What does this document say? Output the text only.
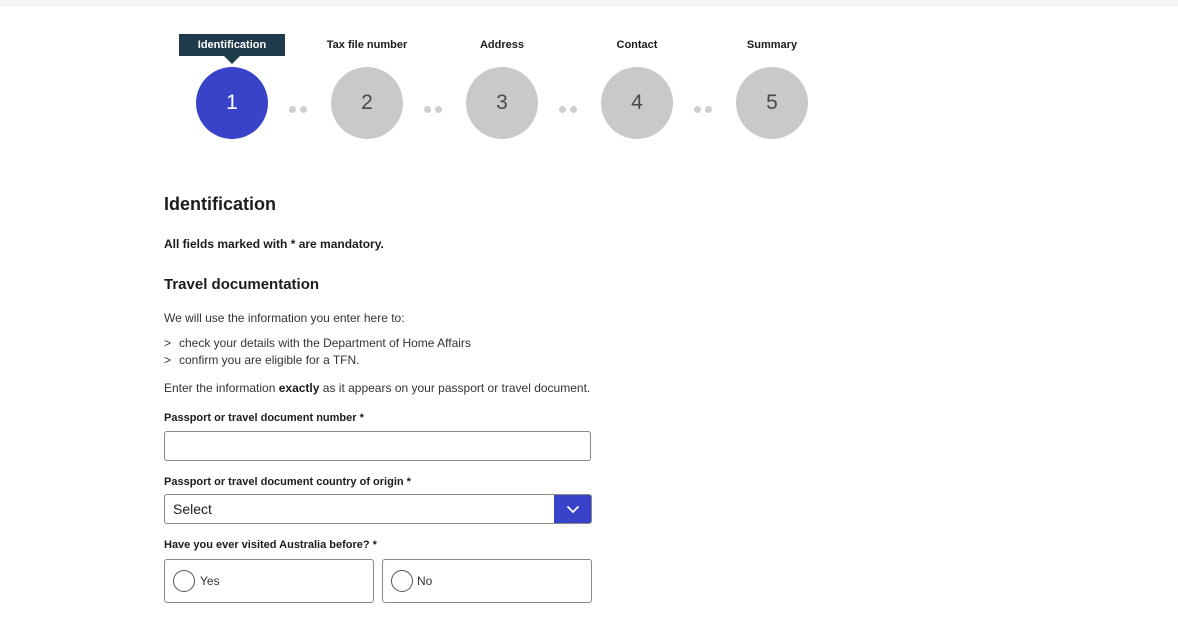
Identification
1
Tax file number
2
Address
3
Contact
4
Summary
5
Identification

All fields marked with * are mandatory.

Travel documentation

We will use the information you enter here to:

> check your details with the Department of Home Affairs
> confirm you are eligible for a TFN.

Enter the information exactly as it appears on your passport or travel document.

Passport or travel document number *
Passport or travel document country of origin *
Select
Have you ever visited Australia before? *
Yes	No
